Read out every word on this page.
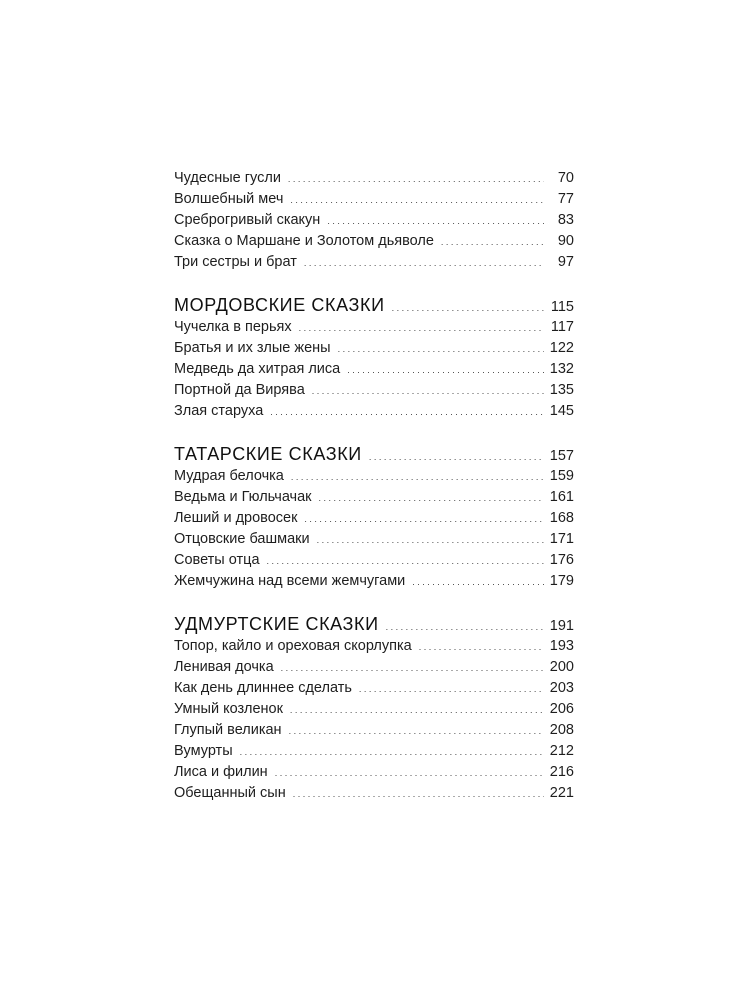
Чудесные гусли . . .	70
Волшебный меч . . .	77
Среброгривый скакун . . .	83
Сказка о Маршане и Золотом дьяволе . . .	90
Три сестры и брат . . .	97
МОРДОВСКИЕ СКАЗКИ . . .	115
Чучелка в перьях . . .	117
Братья и их злые жены . . .	122
Медведь да хитрая лиса . . .	132
Портной да Вирява . . .	135
Злая старуха . . .	145
ТАТАРСКИЕ СКАЗКИ . . .	157
Мудрая белочка . . .	159
Ведьма и Гюльчачак . . .	161
Леший и дровосек . . .	168
Отцовские башмаки . . .	171
Советы отца . . .	176
Жемчужина над всеми жемчугами . . .	179
УДМУРТСКИЕ СКАЗКИ . . .	191
Топор, кайло и ореховая скорлупка . . .	193
Ленивая дочка . . .	200
Как день длиннее сделать . . .	203
Умный козленок . . .	206
Глупый великан . . .	208
Вумурты . . .	212
Лиса и филин . . .	216
Обещанный сын . . .	221
